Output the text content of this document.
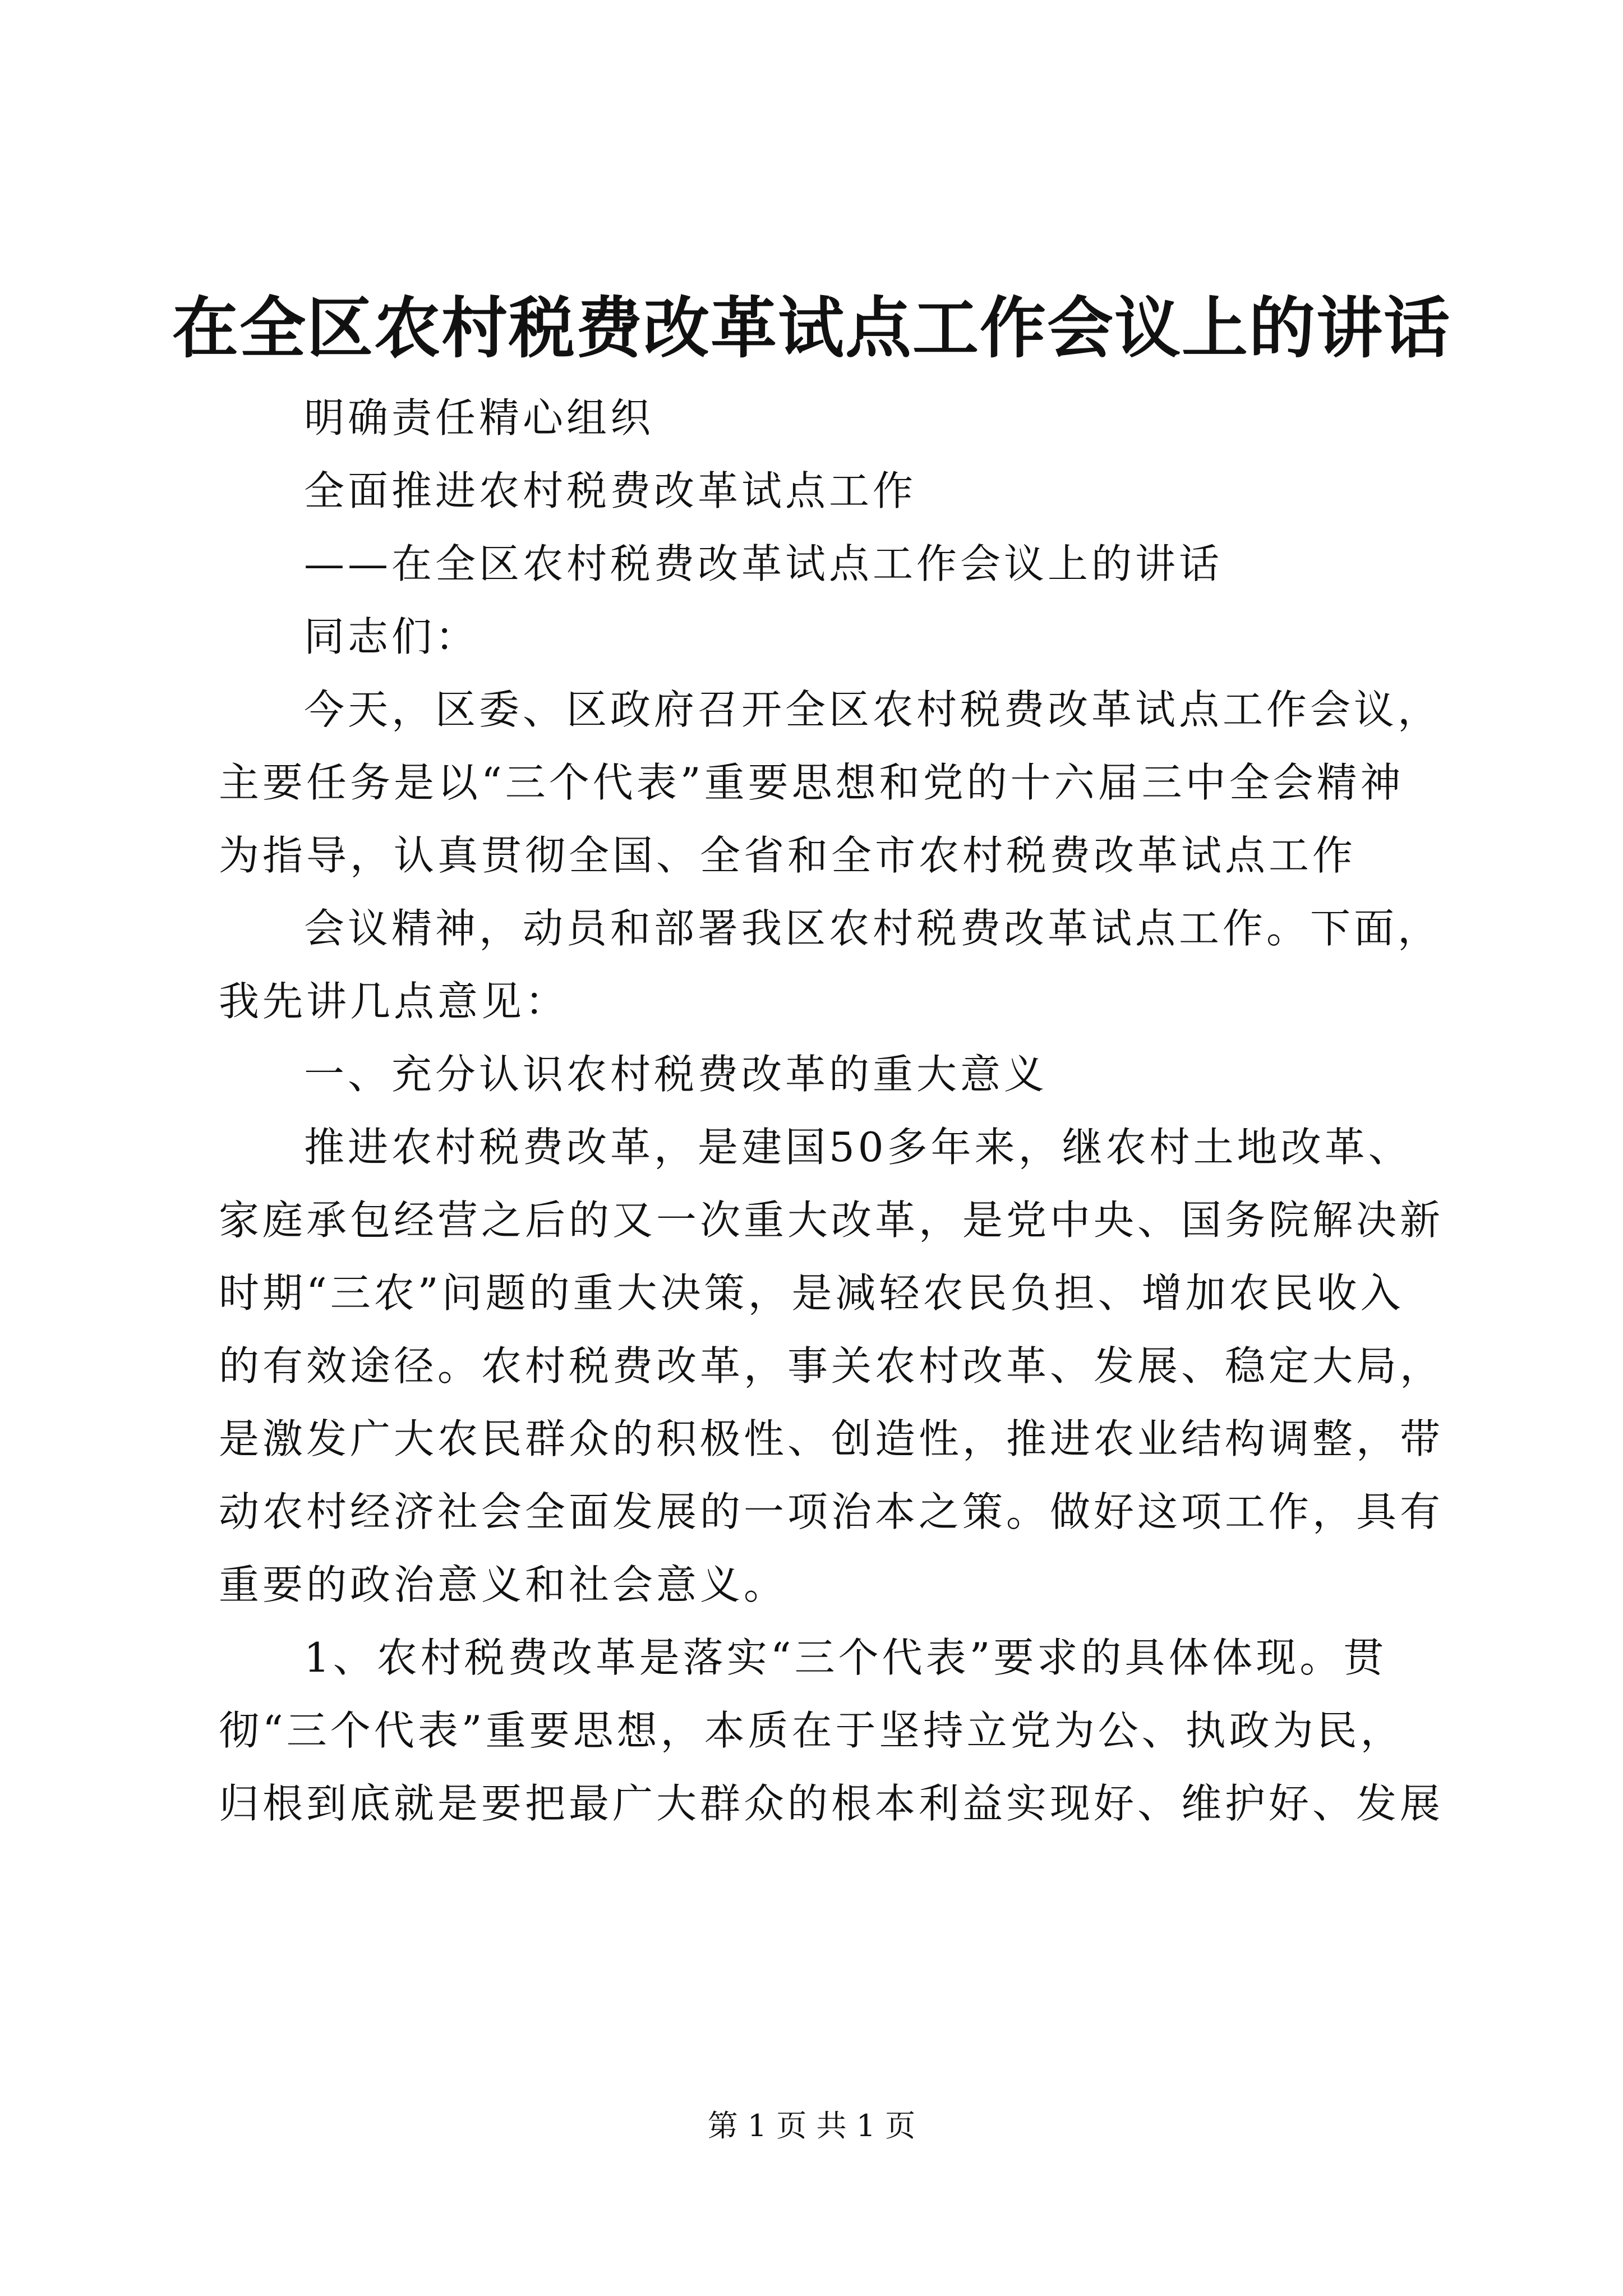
在全区农村税费改革试点工作会议上的讲话
明确责任精心组织
全面推进农村税费改革试点工作
——在全区农村税费改革试点工作会议上的讲话
同志们：
今天，区委、区政府召开全区农村税费改革试点工作会议，
主要任务是以“三个代表”重要思想和党的十六届三中全会精神
为指导，认真贯彻全国、全省和全市农村税费改革试点工作
会议精神，动员和部署我区农村税费改革试点工作。下面，
我先讲几点意见：
一、充分认识农村税费改革的重大意义
推进农村税费改革，是建国50多年来，继农村土地改革、
家庭承包经营之后的又一次重大改革，是党中央、国务院解决新
时期“三农”问题的重大决策，是减轻农民负担、增加农民收入
的有效途径。农村税费改革，事关农村改革、发展、稳定大局，
是激发广大农民群众的积极性、创造性，推进农业结构调整，带
动农村经济社会全面发展的一项治本之策。做好这项工作，具有
重要的政治意义和社会意义。
1、农村税费改革是落实“三个代表”要求的具体体现。贯
彻“三个代表”重要思想，本质在于坚持立党为公、执政为民，
归根到底就是要把最广大群众的根本利益实现好、维护好、发展
第 1 页 共 1 页
